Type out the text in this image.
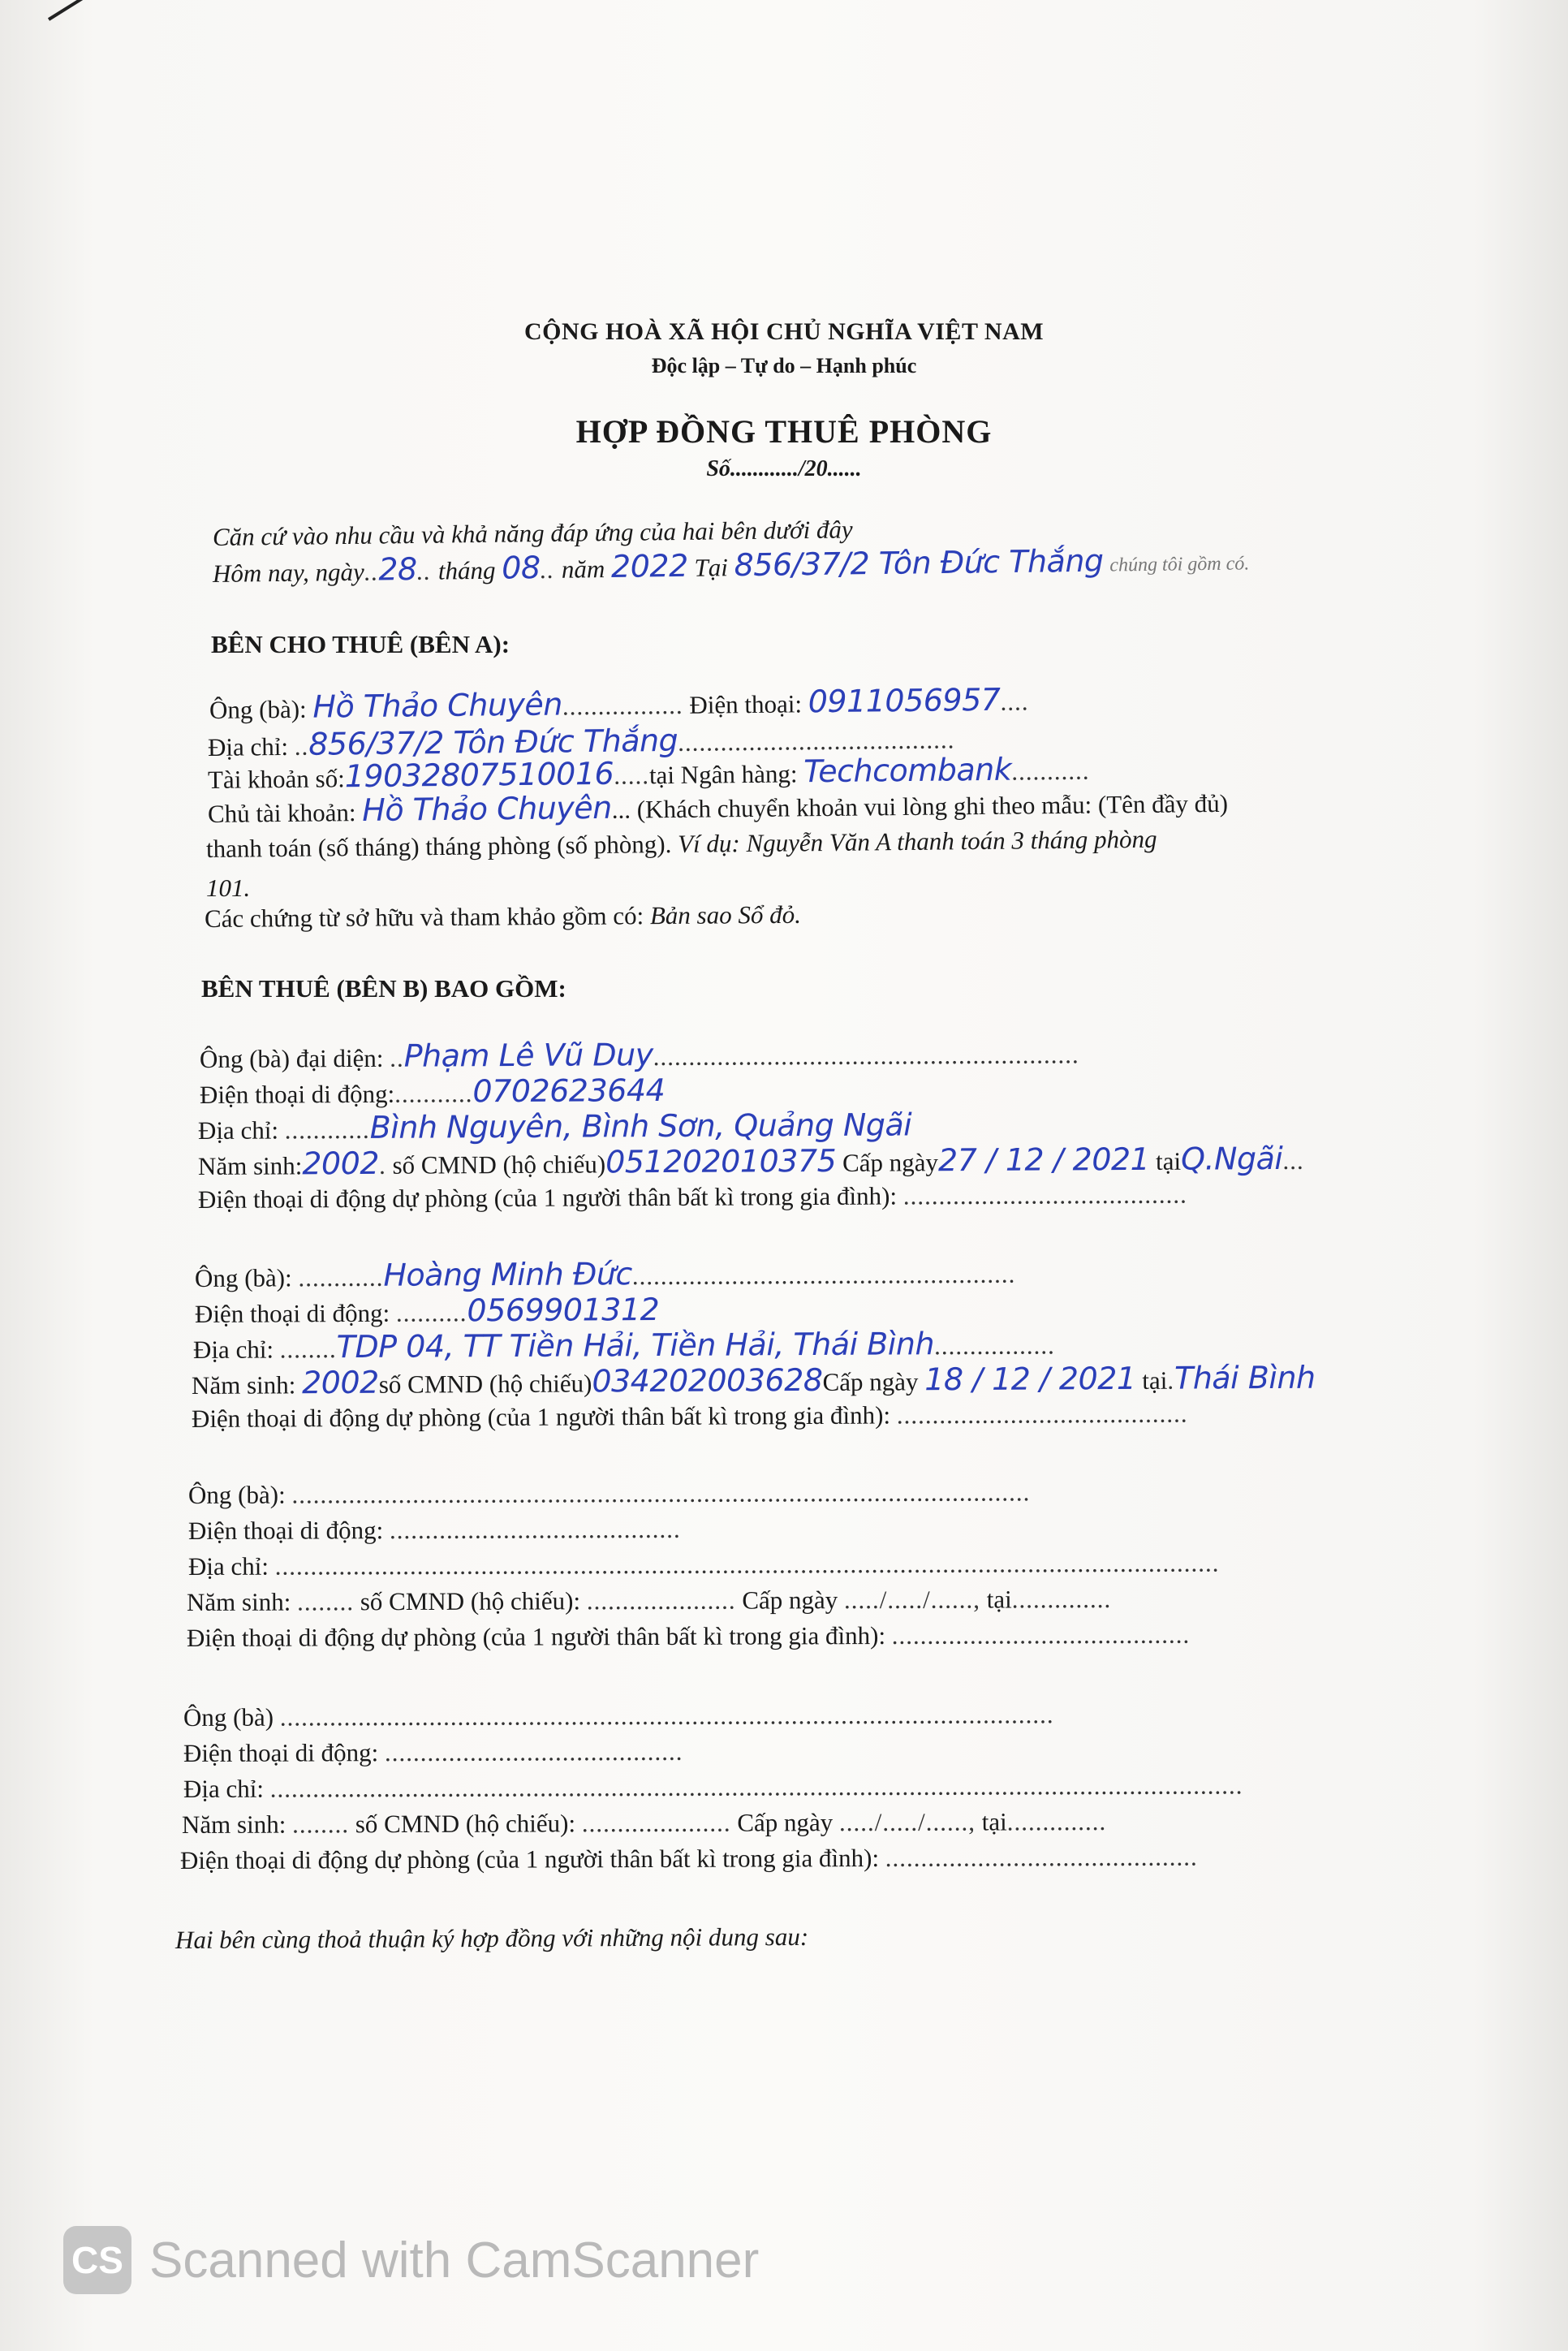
CỘNG HOÀ XÃ HỘI CHỦ NGHĨA VIỆT NAM
Độc lập – Tự do – Hạnh phúc
HỢP ĐỒNG THUÊ PHÒNG
Số............/20......
Căn cứ vào nhu cầu và khả năng đáp ứng của hai bên dưới đây
Hôm nay, ngày..28.. tháng 08.. năm 2022 Tại 856/37/2 Tôn Đức Thắng chúng tôi gồm có.
BÊN CHO THUÊ (BÊN A):
Ông (bà): Hồ Thảo Chuyên................. Điện thoại: 0911056957....
Địa chỉ: ..856/37/2 Tôn Đức Thắng.......................................
Tài khoản số:19032807510016.....tại Ngân hàng: Techcombank...........
Chủ tài khoản: Hồ Thảo Chuyên... (Khách chuyển khoản vui lòng ghi theo mẫu: (Tên đầy đủ)
thanh toán (số tháng) tháng phòng (số phòng). Ví dụ: Nguyễn Văn A thanh toán 3 tháng phòng
101.
Các chứng từ sở hữu và tham khảo gồm có: Bản sao Sổ đỏ.
BÊN THUÊ (BÊN B) BAO GỒM:
Ông (bà) đại diện: ..Phạm Lê Vũ Duy............................................................
Điện thoại di động:...........0702623644
Địa chỉ: ............Bình Nguyên, Bình Sơn, Quảng Ngãi
Năm sinh:2002. số CMND (hộ chiếu)051202010375 Cấp ngày27 / 12 / 2021 tạiQ.Ngãi...
Điện thoại di động dự phòng (của 1 người thân bất kì trong gia đình): ........................................
Ông (bà): ............Hoàng Minh Đức......................................................
Điện thoại di động: ..........0569901312
Địa chỉ: ........TDP 04, TT Tiền Hải, Tiền Hải, Thái Bình.................
Năm sinh: 2002số CMND (hộ chiếu)034202003628Cấp ngày 18 / 12 / 2021 tại.Thái Bình
Điện thoại di động dự phòng (của 1 người thân bất kì trong gia đình): .........................................
Ông (bà): ........................................................................................................
Điện thoại di động: .........................................
Địa chỉ: .....................................................................................................................................
Năm sinh: ........ số CMND (hộ chiếu): ..................... Cấp ngày ...../...../......, tại..............
Điện thoại di động dự phòng (của 1 người thân bất kì trong gia đình): ..........................................
Ông (bà) .............................................................................................................
Điện thoại di động: ..........................................
Địa chỉ: .........................................................................................................................................
Năm sinh: ........ số CMND (hộ chiếu): ..................... Cấp ngày ...../...../......, tại..............
Điện thoại di động dự phòng (của 1 người thân bất kì trong gia đình): ............................................
Hai bên cùng thoả thuận ký hợp đồng với những nội dung sau:
CS Scanned with CamScanner
